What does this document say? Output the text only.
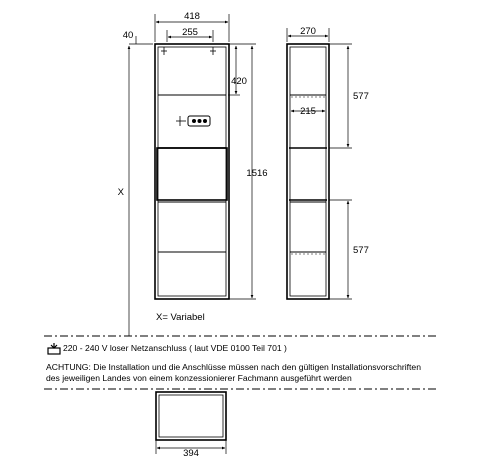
418
255
40
420
1516
X
270
215
577
577
X= Variabel
394
220 - 240 V loser Netzanschluss ( laut VDE 0100 Teil 701 )
ACHTUNG: Die Installation und die Anschlüsse müssen nach den gültigen Installationsvorschriften
des jeweiligen Landes von einem konzessionierer Fachmann ausgeführt werden
